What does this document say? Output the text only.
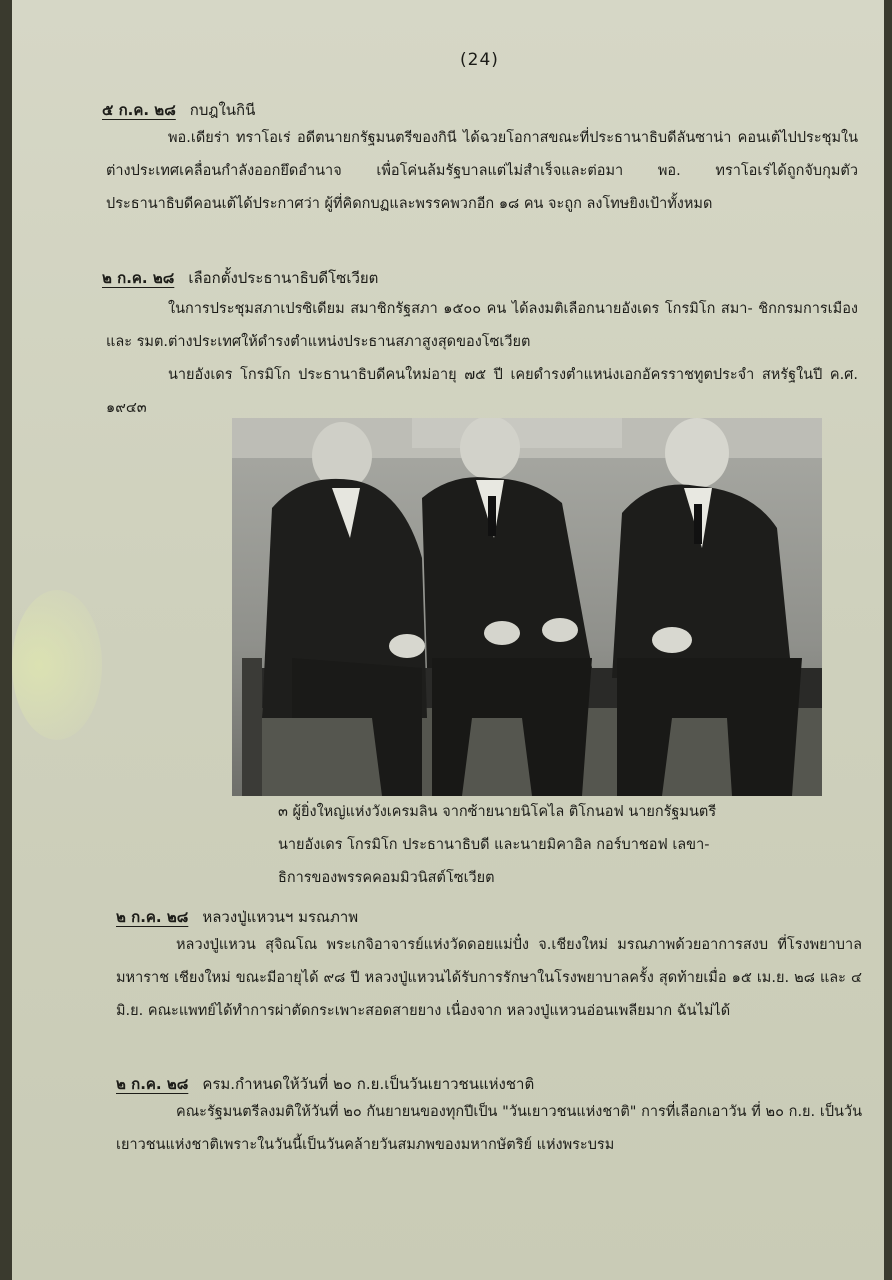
(24)
๕ ก.ค. ๒๘ กบฎในกินี
พอ.เดียร่า ทราโอเร่ อดีตนายกรัฐมนตรีของกินี ได้ฉวยโอกาสขณะที่ประธานาธิบดีลันซาน่า คอนเต้ไปประชุมในต่างประเทศเคลื่อนกำลังออกยึดอำนาจ เพื่อโค่นล้มรัฐบาลแต่ไม่สำเร็จและต่อมา พอ. ทราโอเร่ได้ถูกจับกุมตัว ประธานาธิบดีคอนเต้ได้ประกาศว่า ผู้ที่คิดกบฏและพรรคพวกอีก ๑๘ คน จะถูก ลงโทษยิงเป้าทั้งหมด
๒ ก.ค. ๒๘ เลือกตั้งประธานาธิบดีโซเวียต
ในการประชุมสภาเปรซิเดียม สมาชิกรัฐสภา ๑๕๐๐ คน ได้ลงมติเลือกนายอังเดร โกรมิโก สมา- ชิกกรมการเมือง และ รมต.ต่างประเทศให้ดำรงตำแหน่งประธานสภาสูงสุดของโซเวียต
นายอังเดร โกรมิโก ประธานาธิบดีคนใหม่อายุ ๗๕ ปี เคยดำรงตำแหน่งเอกอัครราชทูตประจำ สหรัฐในปี ค.ศ. ๑๙๔๓
๓ ผู้ยิ่งใหญ่แห่งวังเครมลิน จากซ้ายนายนิโคไล ติโกนอฟ นายกรัฐมนตรี
นายอังเดร โกรมิโก ประธานาธิบดี และนายมิคาอิล กอร์บาชอฟ เลขา-
ธิการของพรรคคอมมิวนิสต์โซเวียต
๒ ก.ค. ๒๘ หลวงปู่แหวนฯ มรณภาพ
หลวงปู่แหวน สุจิณโณ พระเกจิอาจารย์แห่งวัดดอยแม่ปั๋ง จ.เชียงใหม่ มรณภาพด้วยอาการสงบ ที่โรงพยาบาลมหาราช เชียงใหม่ ขณะมีอายุได้ ๙๘ ปี หลวงปู่แหวนได้รับการรักษาในโรงพยาบาลครั้ง สุดท้ายเมื่อ ๑๕ เม.ย. ๒๘ และ ๔ มิ.ย. คณะแพทย์ได้ทำการผ่าตัดกระเพาะสอดสายยาง เนื่องจาก หลวงปู่แหวนอ่อนเพลียมาก ฉันไม่ได้
๒ ก.ค. ๒๘ ครม.กำหนดให้วันที่ ๒๐ ก.ย.เป็นวันเยาวชนแห่งชาติ
คณะรัฐมนตรีลงมติให้วันที่ ๒๐ กันยายนของทุกปีเป็น "วันเยาวชนแห่งชาติ" การที่เลือกเอาวัน ที่ ๒๐ ก.ย. เป็นวันเยาวชนแห่งชาติเพราะในวันนี้เป็นวันคล้ายวันสมภพของมหากษัตริย์ แห่งพระบรม
